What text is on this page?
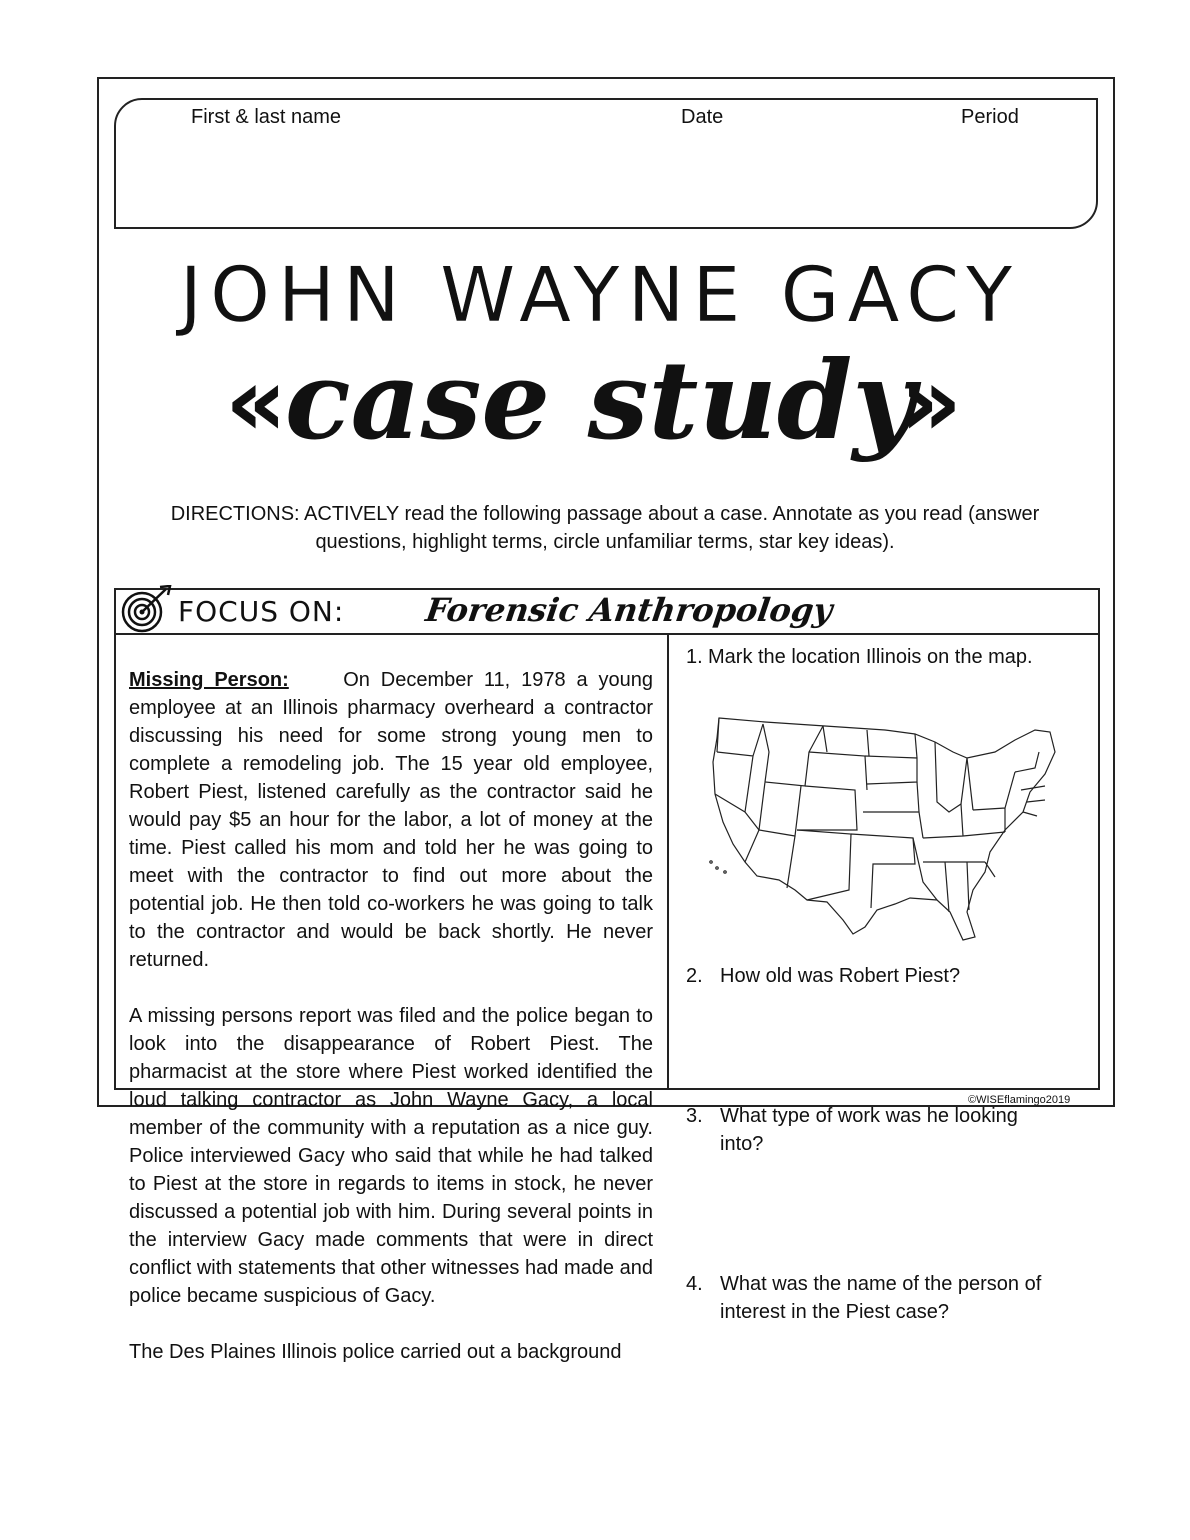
First & last name	Date	Period
JOHN WAYNE GACY
«
case study
»
DIRECTIONS: ACTIVELY read the following passage about a case. Annotate as you read (answer questions, highlight terms, circle unfamiliar terms, star key ideas).
FOCUS ON: Forensic Anthropology

Missing Person:	On December 11, 1978 a young employee at an Illinois pharmacy overheard a contractor discussing his need for some strong young men to complete a remodeling job. The 15 year old employee, Robert Piest, listened carefully as the contractor said he would pay $5 an hour for the labor, a lot of money at the time. Piest called his mom and told her he was going to meet with the contractor to find out more about the potential job. He then told co-workers he was going to talk to the contractor and would be back shortly. He never returned.

A missing persons report was filed and the police began to look into the disappearance of Robert Piest. The pharmacist at the store where Piest worked identified the loud talking contractor as John Wayne Gacy, a local member of the community with a reputation as a nice guy. Police interviewed Gacy who said that while he had talked to Piest at the store in regards to items in stock, he never discussed a potential job with him. During several points in the interview Gacy made comments that were in direct conflict with statements that other witnesses had made and police became suspicious of Gacy.

The Des Plaines Illinois police carried out a background

1. Mark the location Illinois on the map.
2. How old was Robert Piest?
3. What type of work was he looking into?
4. What was the name of the person of interest in the Piest case?
©WISEflamingo2019
